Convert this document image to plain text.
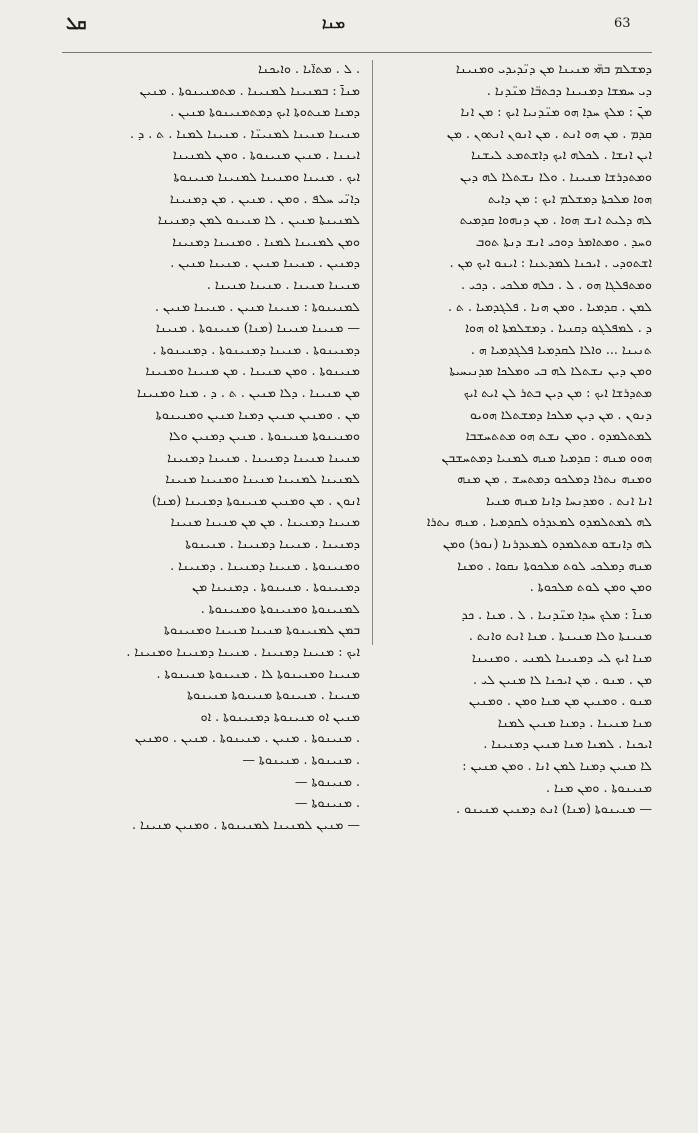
ܩܠ	ܡܢܐ	63
ܕܡܫܠܡ ܒܗ̈ܝ ܡܢܝܢܐ ܡܢ ܕܢ̈ܕܝܕܝ ܘܡܢܝܢܐ
ܕܝ ܚܡܫܐ ܕܡܢܝܢܐ ܕܟܬܒ̈ܐ ܡܢ̈ܕܢܐ .
ܡܢ̄ : ܡܠܟ ܚܕܐ ܗܘ ܡܢ̈ܕܢܝܐ ܐܝܟ : ܡܢ ܐܢܐ
ܩܕܡ . ܡܢ ܗܘ ܐܢܬ . ܡܢ ܐܢܘܢ ܐܢܬܘܢ . ܡܢ
ܐܝܢ ܐܢܫܐ . ܠܟܠܗ ܐܝܟ ܕܐܫܬܡܥ ܠܝܫܢܐ
ܘܡܬܕܪܫܐ ܡܢܝܢܐ . ܘܠܐ ܢܫܬܠܐ ܠܗ ܕܝܢ
ܗܘܐ ܡܠܟܬܐ ܕܡܫܠܡ ܐܝܟ : ܡܢ ܕܐܝܬ
ܠܗ ܕܠܝܬ ܐܢܫ ܗܘܐ . ܡܢ ܕܢܗܘܐ ܩܕܡܝܬ
ܘܚܕ . ܘܡܬܐܡܪ ܕܘܟܝ ܐܢܫ ܕܢܬܐ ܬܘܒ
ܐܫܬܘܕܝ . ܐܝܟܢܐ ܠܡܕܥܢܐ : ܐܝܢܘ ܐܝܟ ܡܢ .
ܘܡܬܦܠܓܐ ܗܘ . ܠ . ܟܠܗ ܡܠܟܝ . ܕܟܝ .
ܠܡܢ . ܩܕܡܝܐ . ܘܡܢ ܗܢܐ . ܦܠܓܕܡܝܐ . ܬ .
ܕ . ܠܡܦܠܓܘ ܕܩܢܝܐ . ܕܡܫܠܡܬܐ ܐܘ ܗܘܐ
ܬܢܝܢܐ ... ܘܐܠܐ ܠܩܕܡܝܐ ܦܠܓܕܡܝܐ ܗ .
ܘܡܢ ܕܝܢ ܢܫܬܠܐ ܠܗ ܒܝ ܘܡܠܟܐ ܡܕܢܝܚܝܬܐ
ܡܬܕܪܫܐ ܐܝܟ : ܡܢ ܕܝܢ ܒܬܪ ܠܢ ܐܝܬ ܐܝܟ
ܕܢܘܢ . ܡܢ ܕܝܢ ܡܠܟܐ ܕܡܫܬܠܐ ܗܘܝܘ
ܠܡܬܠܡܕܘ . ܘܡܢ ܢܫܬ ܗܘ ܡܬܬܚܫܒܐ
ܗܘܘ ܡܢܗ : ܩܕܡܝܐ ܡܢܗ ܠܡܢܝܐ ܕܡܬܚܫܒܢ
ܘܡܢܗ ܢܬܪܐ ܕܡܠܟܘ ܕܡܬܚܫ . ܡܢ ܡܢܗ
ܐܢܐ ܐܢܬ . ܘܡܕܢܚܐ ܕܐܢܐ ܡܢܗ ܡܢܝܐ
ܠܗ ܠܡܬܠܡܕܘ ܠܡܥܕܪܘ ܠܩܕܡܝܐ . ܡܢܗ ܢܬܪܐ
ܠܗ ܕܐܢܫܘ ܡܬܠܡܕܘ ܠܡܥܕܪܢܐ (ܢܘܪ) ܘܡܢ
ܡܢܗ ܕܡܠܟܝ ܠܘܬ ܡܠܟܘܬܐ ܢܩܘܐ . ܘܡܢܐ
ܘܡܢ ܘܡܢ ܠܘܬ ܡܠܟܘܬܐ .
ܡܢܐ̄ : ܡܠܟ ܚܕܐ ܡܢ̈ܕܢܝܐ . ܠ . ܡܢܐ . ܟܕ
ܡܢܝܢܬܐ ܘܠܐ ܡܢܝܢܬܐ . ܡܢܐ ܐܢܬ ܘܐܢܬ .
ܡܢܐ ܐܝܟ ܠܝ ܕܡܢܝܢܐ ܠܡܢܝ . ܘܡܢܝܢܐ
ܡܢ . ܡܢܘ . ܡܢ ܐܝܟܢܐ ܠܐ ܡܢܝܢ ܠܝ .
ܡܢܘ . ܘܡܢܝܢ ܡܢ ܡܢܐ ܘܡܢ . ܘܡܢܝܢ
ܡܢܐ ܡܢܝܢܐ . ܕܡܢܐ ܡܢܝܢ ܠܡܢܐ
ܐܝܟܢܐ . ܠܡܢܐ ܡܢܐ ܡܢܝܢ ܕܡܢܝܢܐ .
ܠܐ ܡܢܝܢ ܕܡܢܐ ܠܡܢ ܐܢܐ . ܘܡܢ ܡܢܝܢ :
ܡܢܝܢܘܬܐ . ܘܡܢ ܡܢܐ .
— ܡܢܝܢܘܬܐ (ܡܢܐ) ܐܢܬ ܕܡܢܝܢ ܡܢܝܢܘ .
. ܠ . ܡܬܐ̈ܝܐ . ܘܐܝܟܢܐ
ܡܢܐ̄ : ܒܡܢܝܢܐ ܠܡܢܝܢܐ . ܡܬܡܢܝܢܘܬܐ . ܡܢܝܢ
ܕܡܢܐ ܡܢܬܘܬܐ ܐܝܟ ܕܡܬܡܢܝܢܘܬܐ ܡܢܝܢ .
ܡܢܝܢܐ ܡܢܝܢܐ ܠܡܢܝܢ̈ܐ . ܡܢܝܢܐ ܠܡܢܐ . ܬ . ܕ .
ܐܝܢܢܐ . ܡܢܝܢ ܡܢܝܢܘܬܐ . ܘܡܢ ܠܡܢܝܢܐ
ܐܝܟ . ܡܢܝܢܐ ܘܡܢܝܢܐ ܠܡܢܝܢܐ ܡܢܝܢܘܬܐ
ܕܐܢ̈ܝ ܚܠܦ . ܘܡܢ . ܡܢܝܢ . ܡܢ ܕܡܢܝܢܐ
ܠܡܢܝܢܬܐ ܡܢܝܢ . ܠܐ ܡܢܝܢܘ ܠܡܢ ܕܡܢܝܢܐ
ܘܡܢ ܠܡܢܝܢܐ ܠܡܢܐ . ܘܡܢܝܢܐ ܕܡܢܝܢܐ
ܕܡܢܝܢ . ܡܢܝܢܐ ܡܢܝܢ . ܡܢܝܢܐ ܡܢܝܢ .
ܡܢܝܢܐ ܡܢܝܢܐ . ܡܢܝܢܐ ܡܢܝܢܐ .
ܠܡܢܝܢܘܬܐ : ܡܢܝܢܐ ܡܢܝܢ . ܡܢܝܢܐ ܡܢܝܢ .
— ܡܢܝܢܐ ܡܢܝܢܐ (ܡܢܐ) ܡܢܝܢܘܬܐ . ܡܢܝܢܐ
ܕܡܢܝܢܘܬܐ . ܡܢܝܢܐ ܕܡܢܝܢܘܬܐ . ܕܡܢܝܢܘܬܐ .
ܡܢܝܢܘܬܐ . ܘܡܢ ܡܢܝܢܐ . ܡܢ ܡܢܝܢܐ ܘܡܢܝܢܐ
ܡܢ ܡܢܝܢܐ . ܕܠܐ ܡܢܝܢ . ܬ . ܕ . ܡܢܐ ܘܡܢܝܢܐ
ܡܢ . ܘܡܢܝܢ ܡܢܝܢ ܕܡܢܐ ܡܢܝܢ ܘܡܢܝܢܘܬܐ
ܘܡܢܝܢܘܬܐ ܡܢܝܢܘܬܐ . ܡܢܝܢ ܕܡܢܝܢ ܘܠܐ
ܡܢܝܢܐ ܡܢܝܢܐ ܕܡܢܝܢܐ . ܡܢܝܢܐ ܕܡܢܝܢܐ
ܠܡܢܝܢܐ ܠܡܢܝܢܐ ܡܢܝܢܐ ܘܡܢܝܢܐ ܡܢܝܢܐ
ܐܢܘܢ . ܡܢ ܘܡܢܝܢ ܡܢܝܢܘܬܐ ܕܡܢܝܢܐ (ܡܢܐ)
ܡܢܝܢܐ ܕܡܢܝܢܐ . ܡܢ ܡܢ ܡܢܝܢܐ ܡܢܝܢܐ
ܕܡܢܝܢܐ . ܡܢܝܢܐ ܕܡܢܝܢܐ . ܡܢܝܢܘܬܐ
ܘܡܢܝܢܘܬܐ . ܡܢܝܢܐ ܕܡܢܝܢܐ . ܕܡܢܝܢܐ .
ܕܡܢܝܢܘܬܐ . ܡܢܝܢܘܬܐ . ܕܡܢܝܢܐ ܡܢ
ܠܡܢܝܢܘܬܐ ܘܡܢܝܢܘܬܐ ܘܡܢܝܢܘܬܐ .
ܒܡܢ ܠܡܢܝܢܘܬܐ ܡܢܝܢܐ ܡܢܝܢܐ ܘܡܢܝܢܘܬܐ
ܐܝܟ : ܡܢܝܢܐ ܕܡܢܝܢܐ . ܡܢܝܢܐ ܕܡܢܝܢܐ ܘܡܢܝܢܐ .
ܡܢܝܢܐ ܘܡܢܝܢܘܬܐ ܠܐ . ܡܢܝܢܘܬܐ ܡܢܝܢܘܬܐ .
ܡܢܝܢܐ . ܡܢܝܢܘܬܐ ܡܢܝܢܘܬܐ ܡܢܝܢܘܬܐ
ܡܢܝܢ ܐܘ ܡܢܝܢܘܬܐ ܕܡܢܝܢܘܬܐ . ܐܘ
. ܡܢܝܢܘܬܐ . ܡܢܝܢ . ܡܢܝܢܘܬܐ . ܡܢܝܢ . ܘܡܢܝܢ
. ܡܢܝܢܘܬܐ . ܡܢܝܢܘܬܐ —
. ܡܢܝܢܘܬܐ —
. ܡܢܝܢܘܬܐ —
— ܡܢܝܢ ܠܡܢܝܢܐ ܠܡܢܝܢܘܬܐ . ܘܡܢܝܢ ܡܢܝܢܐ .
